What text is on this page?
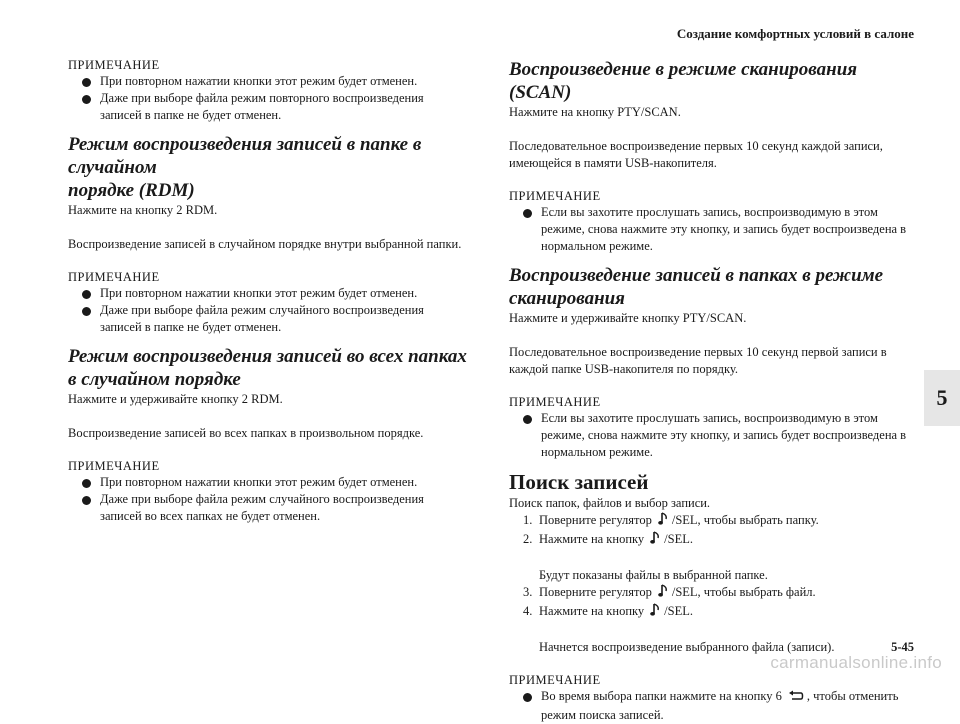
Создание комфортных условий в салоне
ПРИМЕЧАНИЕ
При повторном нажатии кнопки этот режим будет отменен.
Даже при выборе файла режим повторного воспроизведения записей в папке не будет отменен.
Режим воспроизведения записей в папке в случайном
порядке (RDM)

Нажмите на кнопку 2 RDM.

Воспроизведение записей в случайном порядке внутри выбранной папки.

ПРИМЕЧАНИЕ
При повторном нажатии кнопки этот режим будет отменен.
Даже при выборе файла режим случайного воспроизведения записей в папке не будет отменен.
Режим воспроизведения записей во всех папках
в случайном порядке

Нажмите и удерживайте кнопку 2 RDM.

Воспроизведение записей во всех папках в произвольном порядке.

ПРИМЕЧАНИЕ
При повторном нажатии кнопки этот режим будет отменен.
Даже при выборе файла режим случайного воспроизведения записей во всех папках не будет отменен.
Воспроизведение в режиме сканирования (SCAN)

Нажмите на кнопку PTY/SCAN.

Последовательное воспроизведение первых 10 секунд каждой записи, имеющейся в памяти USB-накопителя.

ПРИМЕЧАНИЕ
Если вы захотите прослушать запись, воспроизводимую в этом режиме, снова нажмите эту кнопку, и запись будет воспроизведена в нормальном режиме.
Воспроизведение записей в папках в режиме
сканирования

Нажмите и удерживайте кнопку PTY/SCAN.

Последовательное воспроизведение первых 10 секунд первой записи в каждой папке USB-накопителя по порядку.

ПРИМЕЧАНИЕ
Если вы захотите прослушать запись, воспроизводимую в этом режиме, снова нажмите эту кнопку, и запись будет воспроизведена в нормальном режиме.
Поиск записей

Поиск папок, файлов и выбор записи.

1. Поверните регулятор /SEL, чтобы выбрать папку.
2. Нажмите на кнопку /SEL.
Будут показаны файлы в выбранной папке.
3. Поверните регулятор /SEL, чтобы выбрать файл.
4. Нажмите на кнопку /SEL.
Начнется воспроизведение выбранного файла (записи).
ПРИМЕЧАНИЕ
Во время выбора папки нажмите на кнопку 6 , чтобы отменить режим поиска записей.
5
5-45
carmanualsonline.info
